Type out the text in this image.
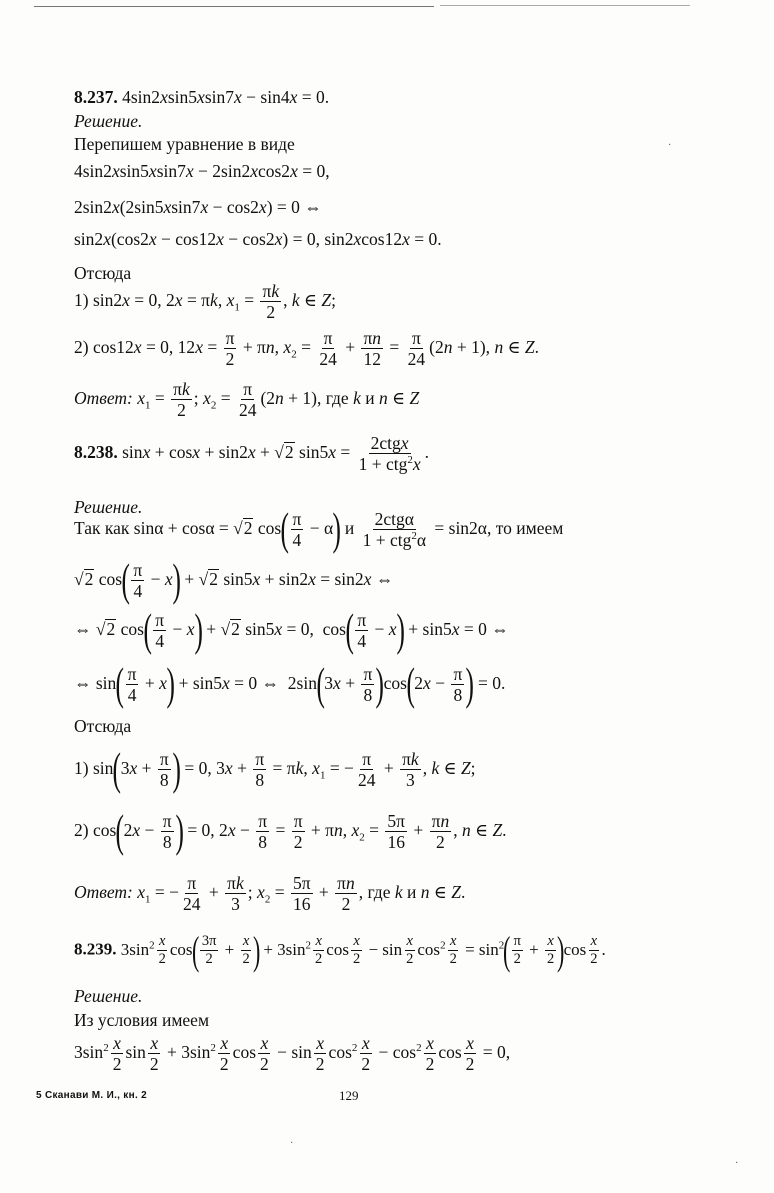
8.237. 4sin2xsin5xsin7x − sin4x = 0.
Решение.
Перепишем уравнение в виде
4sin2xsin5xsin7x − 2sin2xcos2x = 0,
2sin2x(2sin5xsin7x − cos2x) = 0 ⇔
sin2x(cos2x − cos12x − cos2x) = 0, sin2xcos12x = 0.
Отсюда
1) sin2x = 0, 2x = πk, $x_1 = \frac{\pi k}{2}$ , k ∈ Z;
2) cos12x = 0, $12x = \frac{\pi}{2} + \pi n$, $x_2 = \frac{\pi}{24} + \frac{\pi n}{12} = \frac{\pi}{24} (2n + 1)$, n ∈ Z.
Ответ: $x_1 = \frac{\pi k}{2}$ ; $x_2 = \frac{\pi}{24} (2n + 1)$, где k и n ∈ Z
8.238. sinx + cosx + sin2x + √2 sin5x = 2ctgx
1 + ctg$^2$x
.
Решение.
Так как sinα + cosα = √2 $\cos( \frac{\pi}{4} - \alpha)$ и 2ctgα
1 + ctg$^2$α
= sin2α, то имеем
√2 $\cos( \frac{\pi}{4} - x) + √2$ sin5x + sin2x = sin2x ⇔
⇔ √2 $\cos( \frac{\pi}{4} - x) + √2$ sin5x = 0,  $\cos( \frac{\pi}{4} - x) + \sin 5x = 0$ ⇔
⇔ $\sin( \frac{\pi}{4} + x) + \sin 5x = 0$ ⇔  $2\sin(3x + \frac{\pi}{8} )\cos(2x - \frac{\pi}{8}$ ) = 0.
Отсюда
1) $\sin(3x + \frac{\pi}{8}$ ) = 0, $3x + \frac{\pi}{8} = \pi k$, $x_1$ = − $\frac{\pi}{24} + \frac{\pi k}{3}$ , k ∈ Z;
2) $\cos(2x - \frac{\pi}{8}$ ) = 0, $2x - \frac{\pi}{8} = \frac{\pi}{2} + \pi n$, $x_2 = \frac{5\pi}{16} + \frac{\pi n}{2}$ , n ∈ Z.
Ответ: $x_1$ = − $\frac{\pi}{24} + \frac{\pi k}{3}$ ; $x_2 = \frac{5\pi}{16} + \frac{\pi n}{2}$ , где k и n ∈ Z.
8.239. $3\sin^2 \frac{x}{2} \cos( \frac{3\pi}{2} + \frac{x}{2}$ ) + $3\sin^2 \frac{x}{2}$ $\cos \frac{x}{2} - \sin \frac{x}{2} \cos^2 \frac{x}{2} = \sin^2( \frac{\pi}{2} + \frac{x}{2} )\cos \frac{x}{2}$ .
Решение.
Из условия имеем
$3\sin^2 \frac{x}{2}$ $\sin \frac{x}{2} + 3\sin^2 \frac{x}{2}$ $\cos \frac{x}{2} - \sin \frac{x}{2} \cos^2 \frac{x}{2} - \cos^2 \frac{x}{2}$ $\cos \frac{x}{2} = 0$,
5 Сканави М. И., кн. 2	129
·
·
·
